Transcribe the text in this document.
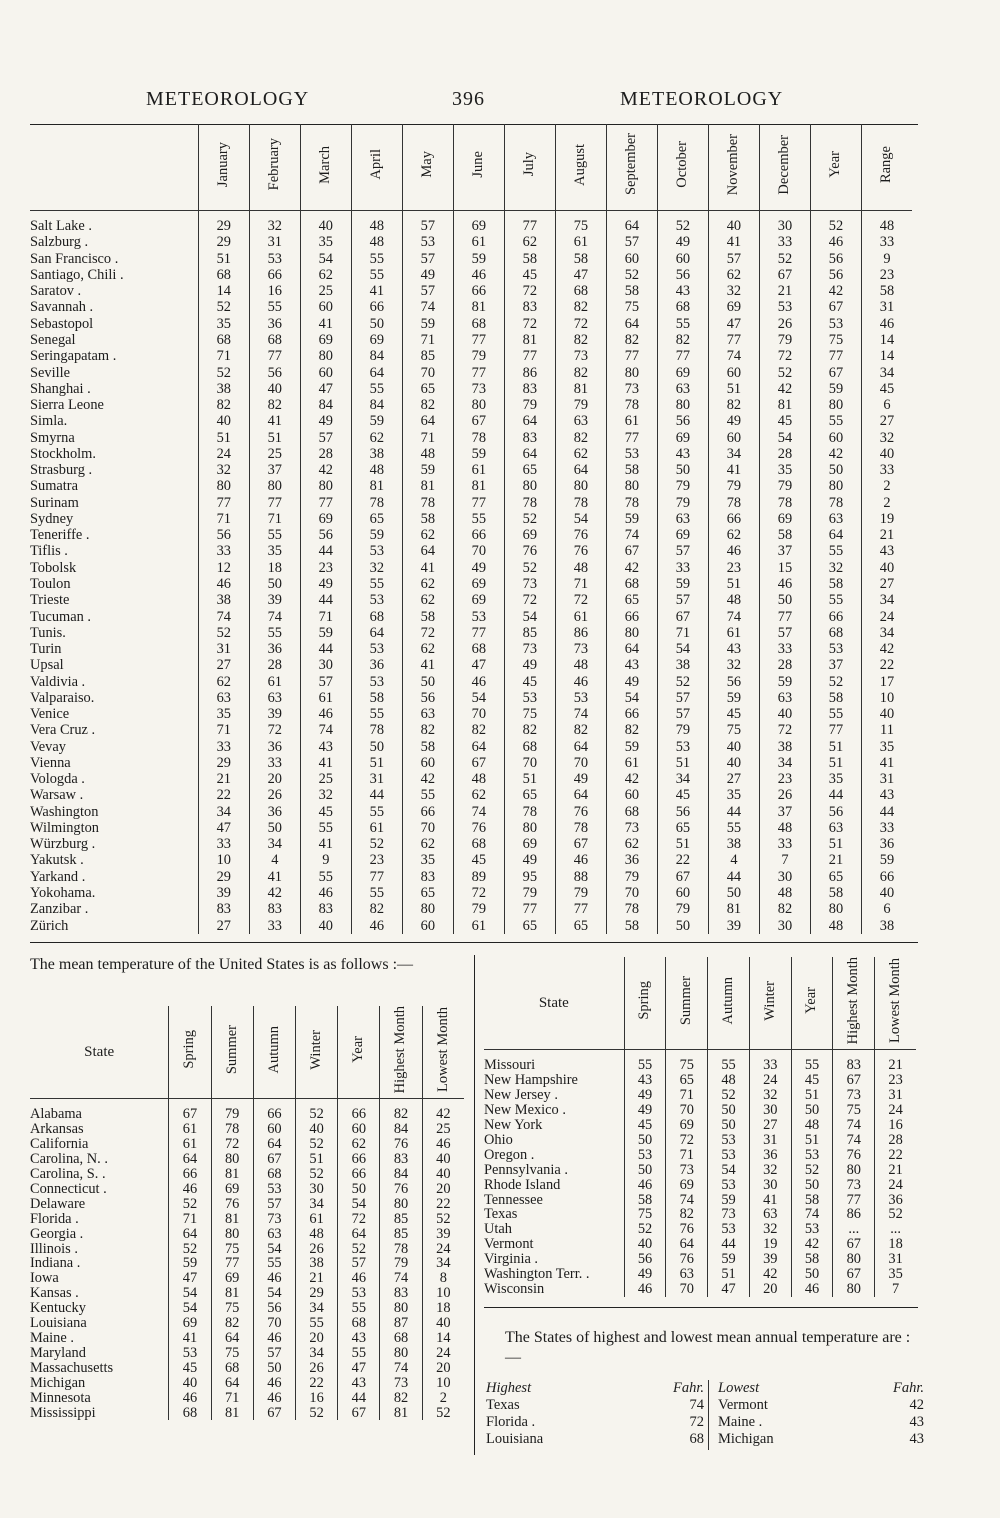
METEOROLOGY	396	METEOROLOGY
	January	February	March	April	May	June	July	August	September	October	November	December	Year	Range

Salt Lake .	29	32	40	48	57	69	77	75	64	52	40	30	52	48
Salzburg .	29	31	35	48	53	61	62	61	57	49	41	33	46	33
San Francisco .	51	53	54	55	57	59	58	58	60	60	57	52	56	9
Santiago, Chili .	68	66	62	55	49	46	45	47	52	56	62	67	56	23
Saratov .	14	16	25	41	57	66	72	68	58	43	32	21	42	58
Savannah .	52	55	60	66	74	81	83	82	75	68	69	53	67	31
Sebastopol	35	36	41	50	59	68	72	72	64	55	47	26	53	46
Senegal	68	68	69	69	71	77	81	82	82	82	77	79	75	14
Seringapatam .	71	77	80	84	85	79	77	73	77	77	74	72	77	14
Seville	52	56	60	64	70	77	86	82	80	69	60	52	67	34
Shanghai .	38	40	47	55	65	73	83	81	73	63	51	42	59	45
Sierra Leone	82	82	84	84	82	80	79	79	78	80	82	81	80	6
Simla.	40	41	49	59	64	67	64	63	61	56	49	45	55	27
Smyrna	51	51	57	62	71	78	83	82	77	69	60	54	60	32
Stockholm.	24	25	28	38	48	59	64	62	53	43	34	28	42	40
Strasburg .	32	37	42	48	59	61	65	64	58	50	41	35	50	33
Sumatra	80	80	80	81	81	81	80	80	80	79	79	79	80	2
Surinam	77	77	77	78	78	77	78	78	78	79	78	78	78	2
Sydney	71	71	69	65	58	55	52	54	59	63	66	69	63	19
Teneriffe .	56	55	56	59	62	66	69	76	74	69	62	58	64	21
Tiflis .	33	35	44	53	64	70	76	76	67	57	46	37	55	43
Tobolsk	12	18	23	32	41	49	52	48	42	33	23	15	32	40
Toulon	46	50	49	55	62	69	73	71	68	59	51	46	58	27
Trieste	38	39	44	53	62	69	72	72	65	57	48	50	55	34
Tucuman .	74	74	71	68	58	53	54	61	66	67	74	77	66	24
Tunis.	52	55	59	64	72	77	85	86	80	71	61	57	68	34
Turin	31	36	44	53	62	68	73	73	64	54	43	33	53	42
Upsal	27	28	30	36	41	47	49	48	43	38	32	28	37	22
Valdivia .	62	61	57	53	50	46	45	46	49	52	56	59	52	17
Valparaiso.	63	63	61	58	56	54	53	53	54	57	59	63	58	10
Venice	35	39	46	55	63	70	75	74	66	57	45	40	55	40
Vera Cruz .	71	72	74	78	82	82	82	82	82	79	75	72	77	11
Vevay	33	36	43	50	58	64	68	64	59	53	40	38	51	35
Vienna	29	33	41	51	60	67	70	70	61	51	40	34	51	41
Vologda .	21	20	25	31	42	48	51	49	42	34	27	23	35	31
Warsaw .	22	26	32	44	55	62	65	64	60	45	35	26	44	43
Washington	34	36	45	55	66	74	78	76	68	56	44	37	56	44
Wilmington	47	50	55	61	70	76	80	78	73	65	55	48	63	33
Würzburg .	33	34	41	52	62	68	69	67	62	51	38	33	51	36
Yakutsk .	10	4	9	23	35	45	49	46	36	22	4	7	21	59
Yarkand .	29	41	55	77	83	89	95	88	79	67	44	30	65	66
Yokohama.	39	42	46	55	65	72	79	79	70	60	50	48	58	40
Zanzibar .	83	83	83	82	80	79	77	77	78	79	81	82	80	6
Zürich	27	33	40	46	60	61	65	65	58	50	39	30	48	38
The mean temperature of the United States is as follows :—
State	Spring	Summer	Autumn	Winter	Year	Highest Month	Lowest Month

Alabama	67	79	66	52	66	82	42
Arkansas	61	78	60	40	60	84	25
California	61	72	64	52	62	76	46
Carolina, N. .	64	80	67	51	66	83	40
Carolina, S. .	66	81	68	52	66	84	40
Connecticut .	46	69	53	30	50	76	20
Delaware	52	76	57	34	54	80	22
Florida .	71	81	73	61	72	85	52
Georgia .	64	80	63	48	64	85	39
Illinois .	52	75	54	26	52	78	24
Indiana .	59	77	55	38	57	79	34
Iowa	47	69	46	21	46	74	8
Kansas .	54	81	54	29	53	83	10
Kentucky	54	75	56	34	55	80	18
Louisiana	69	82	70	55	68	87	40
Maine .	41	64	46	20	43	68	14
Maryland	53	75	57	34	55	80	24
Massachusetts	45	68	50	26	47	74	20
Michigan	40	64	46	22	43	73	10
Minnesota	46	71	46	16	44	82	2
Mississippi	68	81	67	52	67	81	52
State	Spring	Summer	Autumn	Winter	Year	Highest Month	Lowest Month

Missouri	55	75	55	33	55	83	21
New Hampshire	43	65	48	24	45	67	23
New Jersey .	49	71	52	32	51	73	31
New Mexico .	49	70	50	30	50	75	24
New York	45	69	50	27	48	74	16
Ohio	50	72	53	31	51	74	28
Oregon .	53	71	53	36	53	76	22
Pennsylvania .	50	73	54	32	52	80	21
Rhode Island	46	69	53	30	50	73	24
Tennessee	58	74	59	41	58	77	36
Texas	75	82	73	63	74	86	52
Utah	52	76	53	32	53	...	...
Vermont	40	64	44	19	42	67	18
Virginia .	56	76	59	39	58	80	31
Washington Terr. .	49	63	51	42	50	67	35
Wisconsin	46	70	47	20	46	80	7
The States of highest and lowest mean annual temperature are :—
Highest	Fahr. Lowest	Fahr.
Texas	74 Vermont	42
Florida .	72 Maine .	43
Louisiana	68 Michigan	43
